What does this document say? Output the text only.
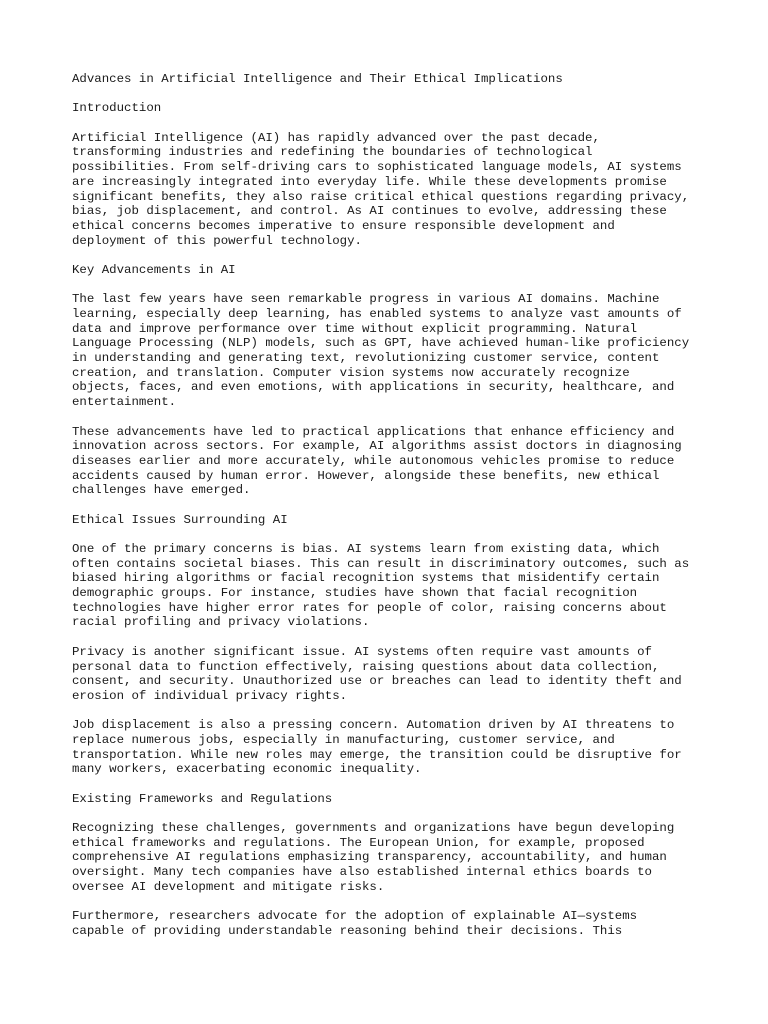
Advances in Artificial Intelligence and Their Ethical Implications
Introduction
Artificial Intelligence (AI) has rapidly advanced over the past decade,
transforming industries and redefining the boundaries of technological
possibilities. From self-driving cars to sophisticated language models, AI systems
are increasingly integrated into everyday life. While these developments promise
significant benefits, they also raise critical ethical questions regarding privacy,
bias, job displacement, and control. As AI continues to evolve, addressing these
ethical concerns becomes imperative to ensure responsible development and
deployment of this powerful technology.
Key Advancements in AI
The last few years have seen remarkable progress in various AI domains. Machine
learning, especially deep learning, has enabled systems to analyze vast amounts of
data and improve performance over time without explicit programming. Natural
Language Processing (NLP) models, such as GPT, have achieved human-like proficiency
in understanding and generating text, revolutionizing customer service, content
creation, and translation. Computer vision systems now accurately recognize
objects, faces, and even emotions, with applications in security, healthcare, and
entertainment.
These advancements have led to practical applications that enhance efficiency and
innovation across sectors. For example, AI algorithms assist doctors in diagnosing
diseases earlier and more accurately, while autonomous vehicles promise to reduce
accidents caused by human error. However, alongside these benefits, new ethical
challenges have emerged.
Ethical Issues Surrounding AI
One of the primary concerns is bias. AI systems learn from existing data, which
often contains societal biases. This can result in discriminatory outcomes, such as
biased hiring algorithms or facial recognition systems that misidentify certain
demographic groups. For instance, studies have shown that facial recognition
technologies have higher error rates for people of color, raising concerns about
racial profiling and privacy violations.
Privacy is another significant issue. AI systems often require vast amounts of
personal data to function effectively, raising questions about data collection,
consent, and security. Unauthorized use or breaches can lead to identity theft and
erosion of individual privacy rights.
Job displacement is also a pressing concern. Automation driven by AI threatens to
replace numerous jobs, especially in manufacturing, customer service, and
transportation. While new roles may emerge, the transition could be disruptive for
many workers, exacerbating economic inequality.
Existing Frameworks and Regulations
Recognizing these challenges, governments and organizations have begun developing
ethical frameworks and regulations. The European Union, for example, proposed
comprehensive AI regulations emphasizing transparency, accountability, and human
oversight. Many tech companies have also established internal ethics boards to
oversee AI development and mitigate risks.
Furthermore, researchers advocate for the adoption of explainable AI—systems
capable of providing understandable reasoning behind their decisions. This
